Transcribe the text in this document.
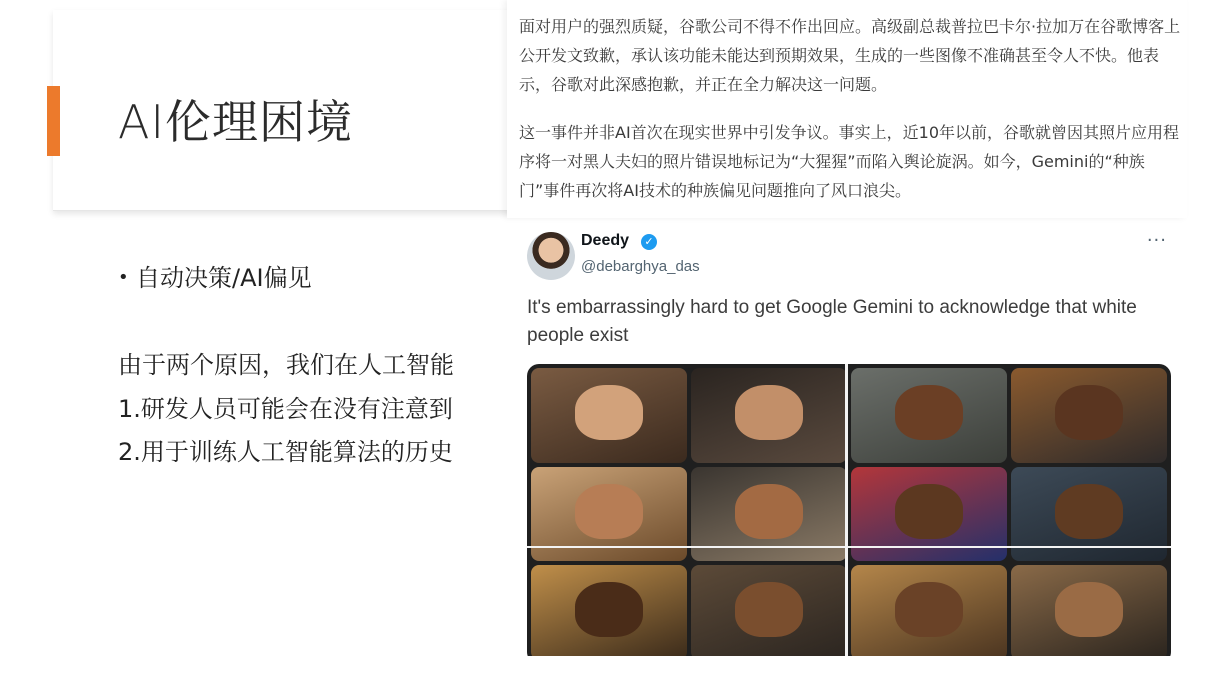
AI伦理困境
• 自动决策/AI偏见
由于两个原因，我们在人工智能
1.研发人员可能会在没有注意到
2.用于训练人工智能算法的历史
面对用户的强烈质疑，谷歌公司不得不作出回应。高级副总裁普拉巴卡尔·拉加万在谷歌博客上公开发文致歉，承认该功能未能达到预期效果，生成的一些图像不准确甚至令人不快。他表示，谷歌对此深感抱歉，并正在全力解决这一问题。
这一事件并非AI首次在现实世界中引发争议。事实上，近10年以前，谷歌就曾因其照片应用程序将一对黑人夫妇的照片错误地标记为“大猩猩”而陷入舆论旋涡。如今，Gemini的“种族门”事件再次将AI技术的种族偏见问题推向了风口浪尖。
Deedy	✓
@debarghya_das
···
It's embarrassingly hard to get Google Gemini to acknowledge that white people exist
